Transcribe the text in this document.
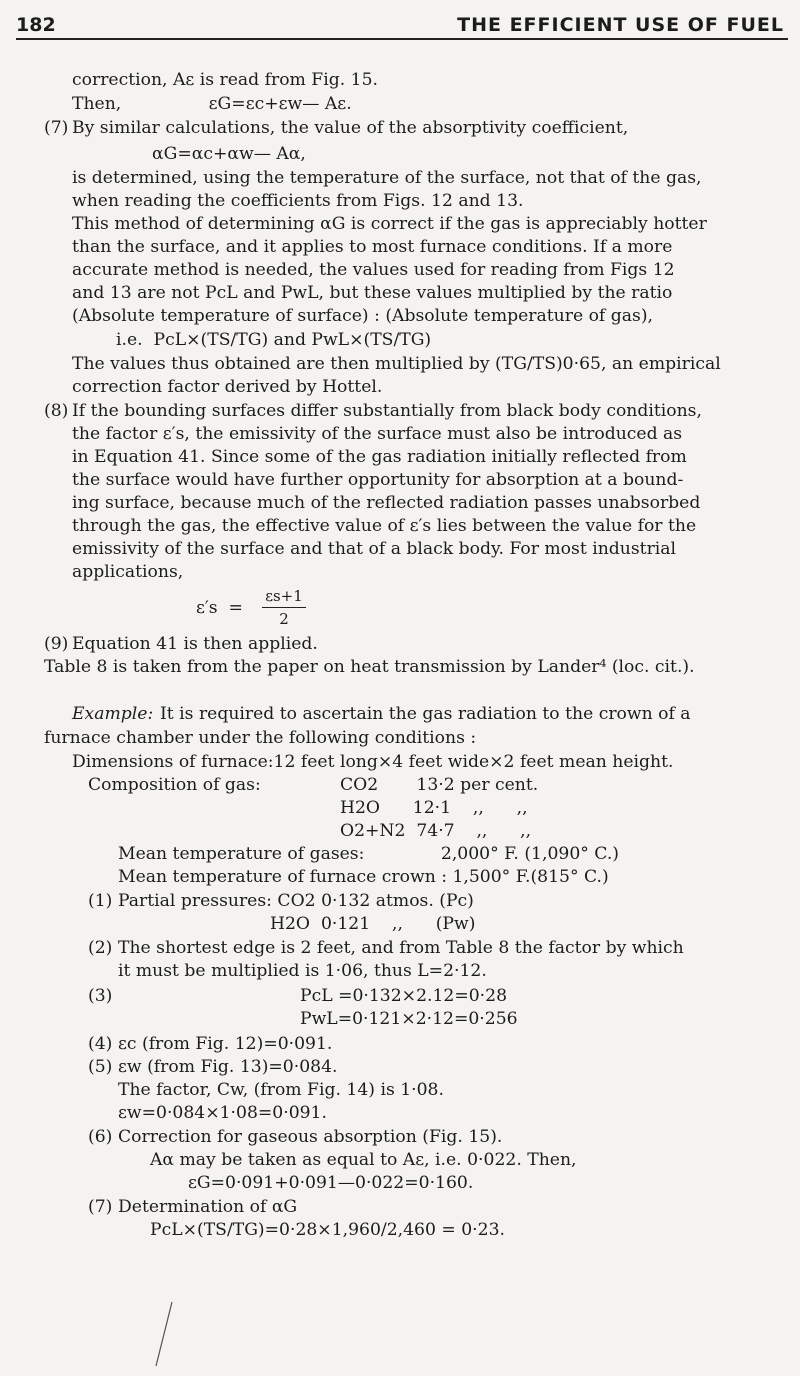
182	THE EFFICIENT USE OF FUEL
correction, Aε is read from Fig. 15.
Then,                εG=εc+εw— Aε.
(7) By similar calculations, the value of the absorptivity coefficient,
αG=αc+αw— Aα,
is determined, using the temperature of the surface, not that of the gas,
when reading the coefficients from Figs. 12 and 13.
This method of determining αG is correct if the gas is appreciably hotter
than the surface, and it applies to most furnace conditions. If a more
accurate method is needed, the values used for reading from Figs 12
and 13 are not PcL and PwL, but these values multiplied by the ratio
(Absolute temperature of surface) : (Absolute temperature of gas),
i.e.  PcL×(TS/TG) and PwL×(TS/TG)
The values thus obtained are then multiplied by (TG/TS)0·65, an empirical
correction factor derived by Hottel.
(8) If the bounding surfaces differ substantially from black body conditions,
the factor ε′s, the emissivity of the surface must also be introduced as
in Equation 41. Since some of the gas radiation initially reflected from
the surface would have further opportunity for absorption at a bound-
ing surface, because much of the reflected radiation passes unabsorbed
through the gas, the effective value of ε′s lies between the value for the
emissivity of the surface and that of a black body. For most industrial
applications,
εs+1
2
ε′s  =
(9) Equation 41 is then applied.
Table 8 is taken from the paper on heat transmission by Lander⁴ (loc. cit.).
Example: It is required to ascertain the gas radiation to the crown of a
furnace chamber under the following conditions :
Dimensions of furnace:12 feet long×4 feet wide×2 feet mean height.
Composition of gas:	CO2       13·2 per cent.
H2O      12·1    ,,      ,,
O2+N2  74·7    ,,      ,,
Mean temperature of gases:              2,000° F. (1,090° C.)
Mean temperature of furnace crown : 1,500° F.(815° C.)
(1) Partial pressures: CO2 0·132 atmos. (Pc)
H2O  0·121    ,,      (Pw)
(2) The shortest edge is 2 feet, and from Table 8 the factor by which
it must be multiplied is 1·06, thus L=2·12.
(3)	PcL =0·132×2.12=0·28
PwL=0·121×2·12=0·256
(4) εc (from Fig. 12)=0·091.
(5) εw (from Fig. 13)=0·084.
The factor, Cw, (from Fig. 14) is 1·08.
εw=0·084×1·08=0·091.
(6) Correction for gaseous absorption (Fig. 15).
Aα may be taken as equal to Aε, i.e. 0·022. Then,
εG=0·091+0·091—0·022=0·160.
(7) Determination of αG
PcL×(TS/TG)=0·28×1,960/2,460 = 0·23.
